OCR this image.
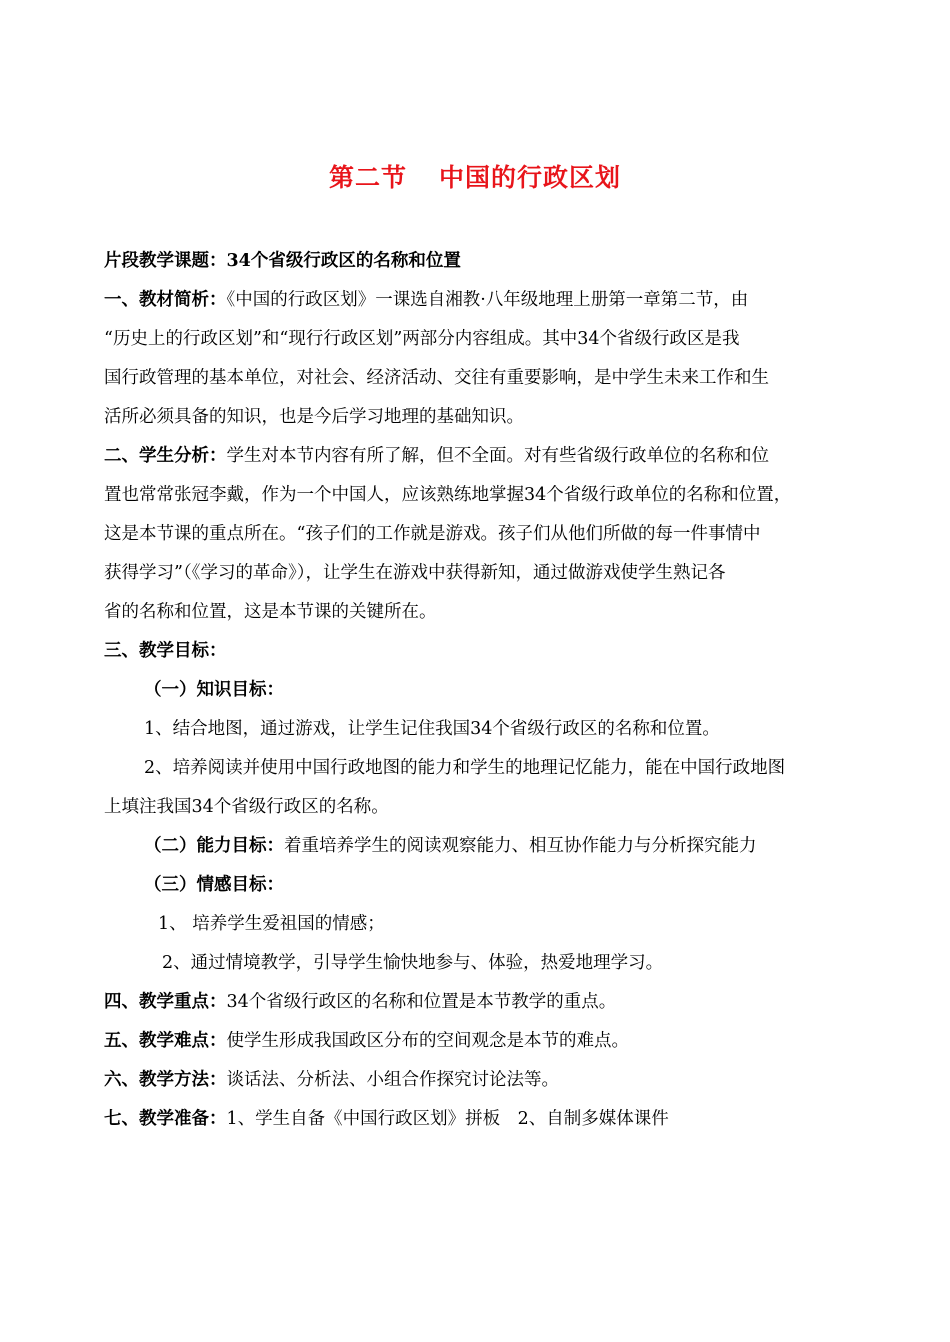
第二节 中国的行政区划
片段教学课题：34个省级行政区的名称和位置
一、教材简析：《中国的行政区划》一课选自湘教·八年级地理上册第一章第二节，由
“历史上的行政区划”和“现行行政区划”两部分内容组成。其中34个省级行政区是我
国行政管理的基本单位，对社会、经济活动、交往有重要影响，是中学生未来工作和生
活所必须具备的知识，也是今后学习地理的基础知识。
二、学生分析：学生对本节内容有所了解，但不全面。对有些省级行政单位的名称和位
置也常常张冠李戴，作为一个中国人，应该熟练地掌握34个省级行政单位的名称和位置，
这是本节课的重点所在。“孩子们的工作就是游戏。孩子们从他们所做的每一件事情中
获得学习”（《学习的革命》），让学生在游戏中获得新知，通过做游戏使学生熟记各
省的名称和位置，这是本节课的关键所在。
三、教学目标：
（一）知识目标：
1、结合地图，通过游戏，让学生记住我国34个省级行政区的名称和位置。
2、培养阅读并使用中国行政地图的能力和学生的地理记忆能力，能在中国行政地图
上填注我国34个省级行政区的名称。
（二）能力目标：着重培养学生的阅读观察能力、相互协作能力与分析探究能力
（三）情感目标：
1、 培养学生爱祖国的情感；
2、通过情境教学，引导学生愉快地参与、体验，热爱地理学习。
四、教学重点：34个省级行政区的名称和位置是本节教学的重点。
五、教学难点：使学生形成我国政区分布的空间观念是本节的难点。
六、教学方法：谈话法、分析法、小组合作探究讨论法等。
七、教学准备：1、学生自备《中国行政区划》拼板　2、自制多媒体课件
